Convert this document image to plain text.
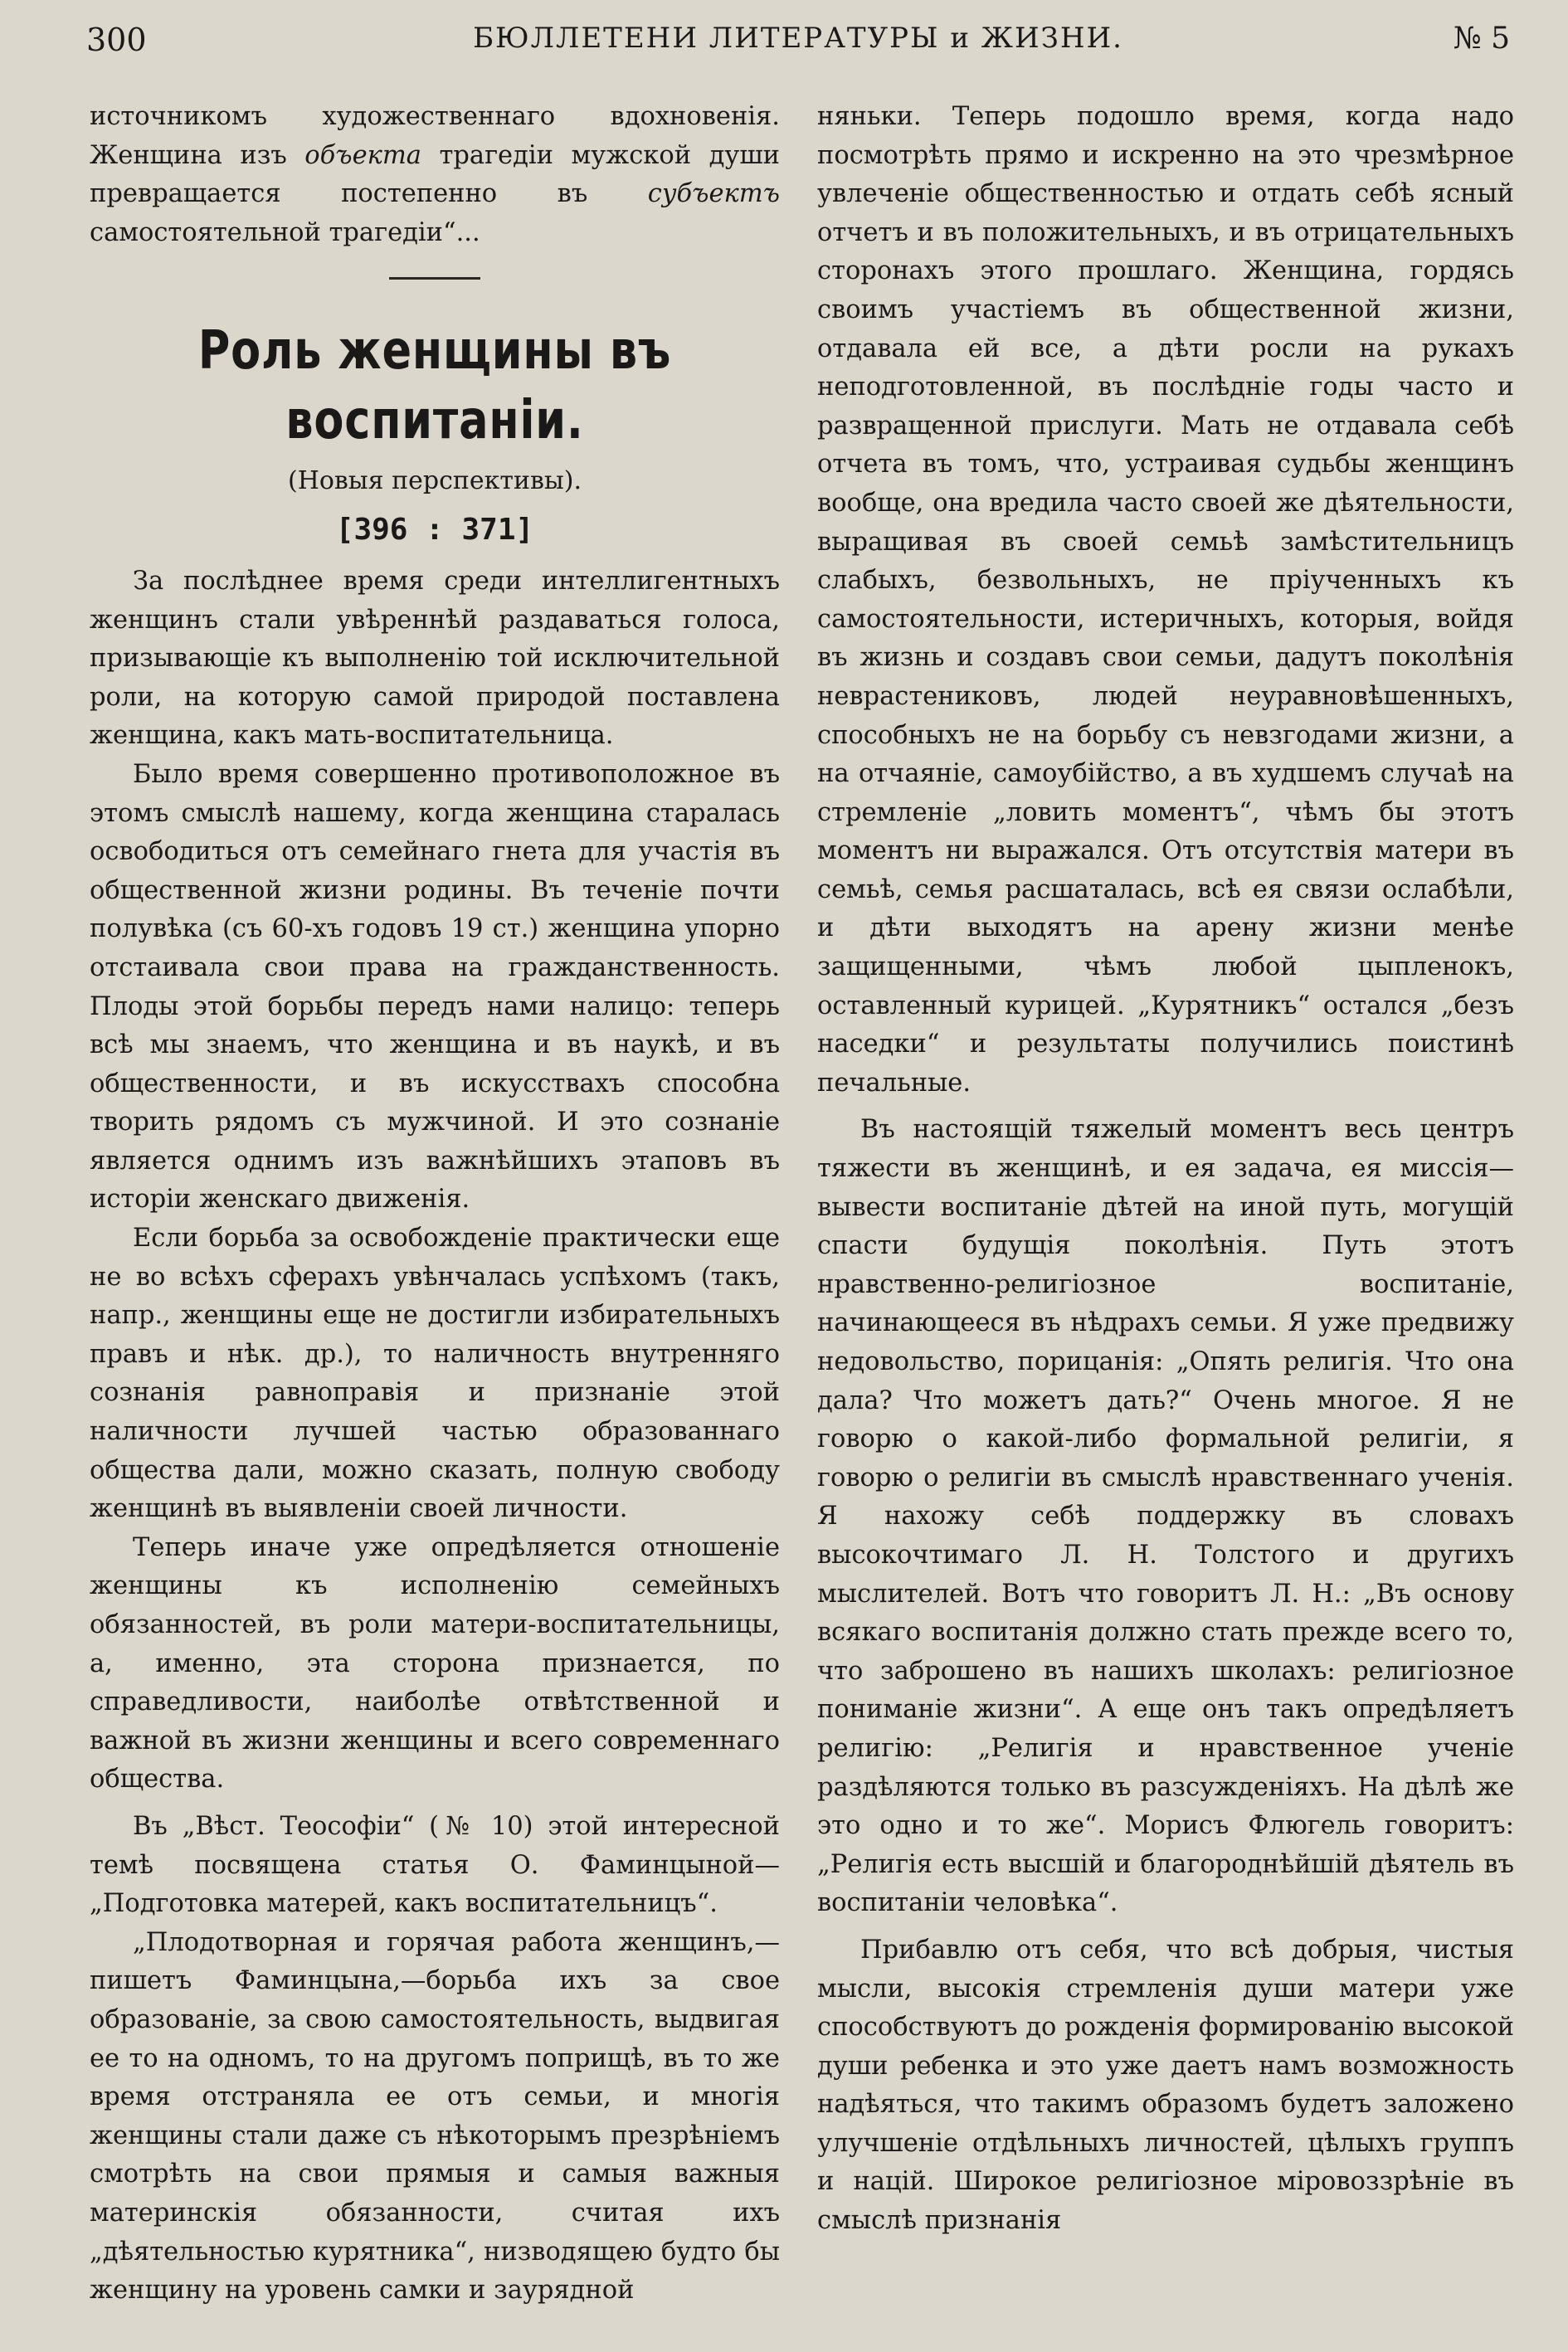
300	БЮЛЛЕТЕНИ ЛИТЕРАТУРЫ и ЖИЗНИ.	№ 5

источникомъ художественнаго вдохновенія. Женщина изъ объекта трагедіи мужской души превращается постепенно въ субъектъ самостоятельной трагедіи“...

Роль женщины въ воспитаніи.

(Новыя перспективы).

[396 : 371]

За послѣднее время среди интеллигентныхъ женщинъ стали увѣреннѣй раздаваться голоса, призывающіе къ выполненію той исключительной роли, на которую самой природой поставлена женщина, какъ мать-воспитательница.

Было время совершенно противоположное въ этомъ смыслѣ нашему, когда женщина старалась освободиться отъ семейнаго гнета для участія въ общественной жизни родины. Въ теченіе почти полувѣка (съ 60-хъ годовъ 19 ст.) женщина упорно отстаивала свои права на гражданственность. Плоды этой борьбы передъ нами налицо: теперь всѣ мы знаемъ, что женщина и въ наукѣ, и въ общественности, и въ искусствахъ способна творить рядомъ съ мужчиной. И это сознаніе является однимъ изъ важнѣйшихъ этаповъ въ исторіи женскаго движенія.

Если борьба за освобожденіе практически еще не во всѣхъ сферахъ увѣнчалась успѣхомъ (такъ, напр., женщины еще не достигли избирательныхъ правъ и нѣк. др.), то наличность внутренняго сознанія равноправія и признаніе этой наличности лучшей частью образованнаго общества дали, можно сказать, полную свободу женщинѣ въ выявленіи своей личности.

Теперь иначе уже опредѣляется отношеніе женщины къ исполненію семейныхъ обязанностей, въ роли матери-воспитательницы, а, именно, эта сторона признается, по справедливости, наиболѣе отвѣтственной и важной въ жизни женщины и всего современнаго общества.

Въ „Вѣст. Теософіи“ (№ 10) этой интересной темѣ посвящена статья О. Фаминцыной—„Подготовка матерей, какъ воспитательницъ“.

„Плодотворная и горячая работа женщинъ,—пишетъ Фаминцына,—борьба ихъ за свое образованіе, за свою самостоятельность, выдвигая ее то на одномъ, то на другомъ поприщѣ, въ то же время отстраняла ее отъ семьи, и многія женщины стали даже съ нѣкоторымъ презрѣніемъ смотрѣть на свои прямыя и самыя важныя материнскія обязанности, считая ихъ „дѣятельностью курятника“, низводящею будто бы женщину на уровень самки и заурядной

няньки. Теперь подошло время, когда надо посмотрѣть прямо и искренно на это чрезмѣрное увлеченіе общественностью и отдать себѣ ясный отчетъ и въ положительныхъ, и въ отрицательныхъ сторонахъ этого прошлаго. Женщина, гордясь своимъ участіемъ въ общественной жизни, отдавала ей все, а дѣти росли на рукахъ неподготовленной, въ послѣдніе годы часто и развращенной прислуги. Мать не отдавала себѣ отчета въ томъ, что, устраивая судьбы женщинъ вообще, она вредила часто своей же дѣятельности, выращивая въ своей семьѣ замѣстительницъ слабыхъ, безвольныхъ, не пріученныхъ къ самостоятельности, истеричныхъ, которыя, войдя въ жизнь и создавъ свои семьи, дадутъ поколѣнія неврастениковъ, людей неуравновѣшенныхъ, способныхъ не на борьбу съ невзгодами жизни, а на отчаяніе, самоубійство, а въ худшемъ случаѣ на стремленіе „ловить моментъ“, чѣмъ бы этотъ моментъ ни выражался. Отъ отсутствія матери въ семьѣ, семья расшаталась, всѣ ея связи ослабѣли, и дѣти выходятъ на арену жизни менѣе защищенными, чѣмъ любой цыпленокъ, оставленный курицей. „Курятникъ“ остался „безъ наседки“ и результаты получились поистинѣ печальные.

Въ настоящій тяжелый моментъ весь центръ тяжести въ женщинѣ, и ея задача, ея миссія—вывести воспитаніе дѣтей на иной путь, могущій спасти будущія поколѣнія. Путь этотъ нравственно-религіозное воспитаніе, начинающееся въ нѣдрахъ семьи. Я уже предвижу недовольство, порицанія: „Опять религія. Что она дала? Что можетъ дать?“ Очень многое. Я не говорю о какой-либо формальной религіи, я говорю о религіи въ смыслѣ нравственнаго ученія. Я нахожу себѣ поддержку въ словахъ высокочтимаго Л. Н. Толстого и другихъ мыслителей. Вотъ что говоритъ Л. Н.: „Въ основу всякаго воспитанія должно стать прежде всего то, что заброшено въ нашихъ школахъ: религіозное пониманіе жизни“. А еще онъ такъ опредѣляетъ религію: „Религія и нравственное ученіе раздѣляются только въ разсужденіяхъ. На дѣлѣ же это одно и то же“. Морисъ Флюгель говоритъ: „Религія есть высшій и благороднѣйшій дѣятель въ воспитаніи человѣка“.

Прибавлю отъ себя, что всѣ добрыя, чистыя мысли, высокія стремленія души матери уже способствуютъ до рожденія формированію высокой души ребенка и это уже даетъ намъ возможность надѣяться, что такимъ образомъ будетъ заложено улучшеніе отдѣльныхъ личностей, цѣлыхъ группъ и націй. Широкое религіозное міровоззрѣніе въ смыслѣ признанія
